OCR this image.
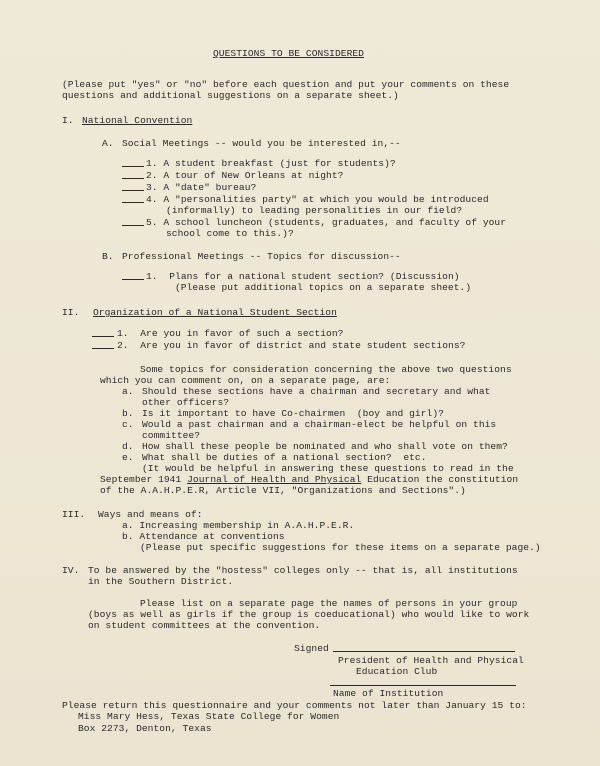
QUESTIONS TO BE CONSIDERED
(Please put "yes" or "no" before each question and put your comments on these
questions and additional suggestions on a separate sheet.)
I. National Convention
A. Social Meetings -- would you be interested in,--
1. A student breakfast (just for students)?
2. A tour of New Orleans at night?
3. A "date" bureau?
4. A "personalities party" at which you would be introduced
(informally) to leading personalities in our field?
5. A school luncheon (students, graduates, and faculty of your
school come to this.)?
B. Professional Meetings -- Topics for discussion--
1.  Plans for a national student section? (Discussion)
(Please put additional topics on a separate sheet.)
II. Organization of a National Student Section
1.  Are you in favor of such a section?
2.  Are you in favor of district and state student sections?
Some topics for consideration concerning the above two questions
which you can comment on, on a separate page, are:
a. Should these sections have a chairman and secretary and what
other officers?
b. Is it important to have Co-chairmen  (boy and girl)?
c. Would a past chairman and a chairman-elect be helpful on this
committee?
d. How shall these people be nominated and who shall vote on them?
e. What shall be duties of a national section?  etc.
(It would be helpful in answering these questions to read in the
September 1941 Journal of Health and Physical Education the constitution
of the A.A.H.P.E.R, Article VII, "Organizations and Sections".)
III. Ways and means of:
a. Increasing membership in A.A.H.P.E.R.
b. Attendance at conventions
(Please put specific suggestions for these items on a separate page.)
IV. To be answered by the "hostess" colleges only -- that is, all institutions
in the Southern District.
Please list on a separate page the names of persons in your group
(boys as well as girls if the group is coeducational) who would like to work
on student committees at the convention.
Signed
President of Health and Physical
Education Club
Name of Institution
Please return this questionnaire and your comments not later than January 15 to:
Miss Mary Hess, Texas State College for Women
Box 2273, Denton, Texas
